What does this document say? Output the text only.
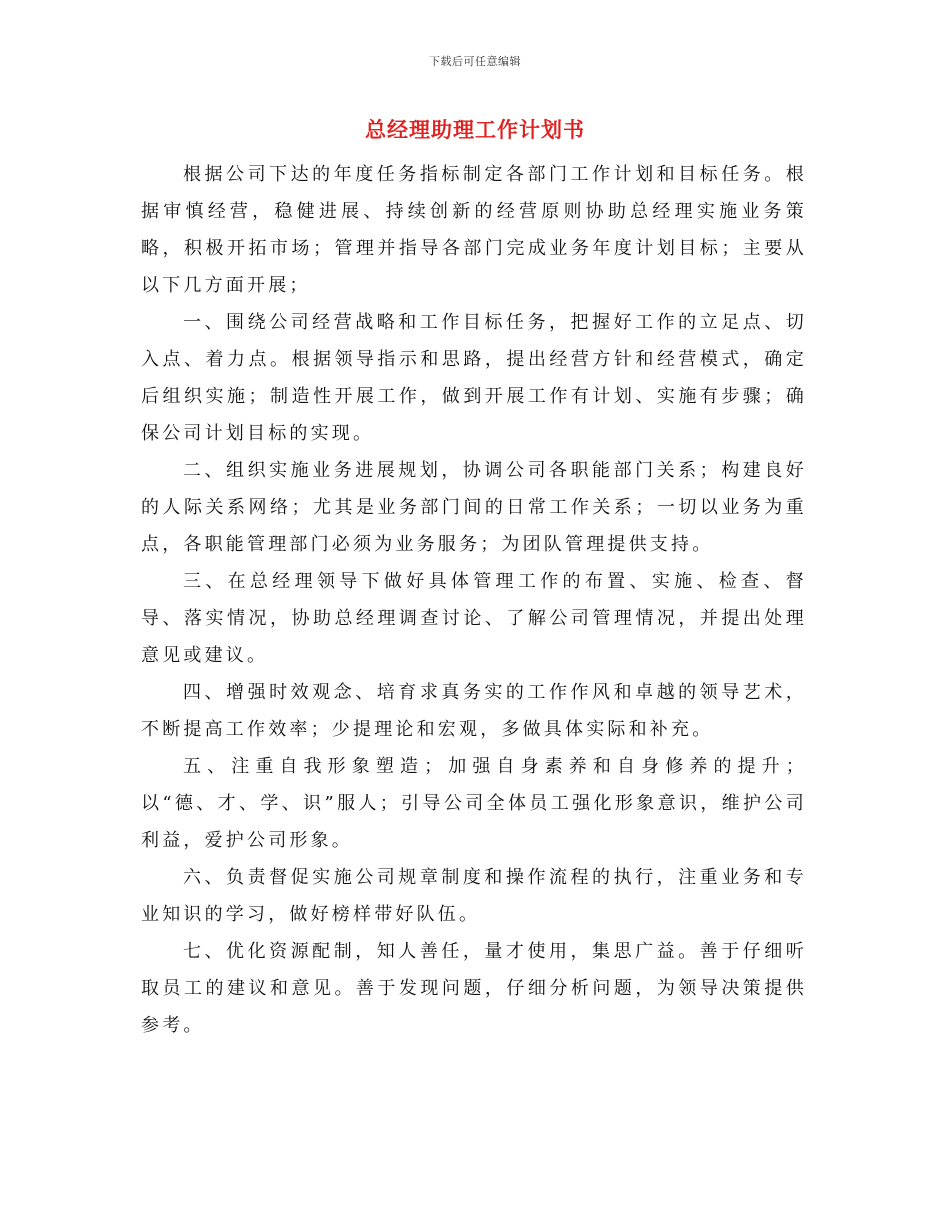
下载后可任意编辑
总经理助理工作计划书

根据公司下达的年度任务指标制定各部门工作计划和目标任务。根据审慎经营，稳健进展、持续创新的经营原则协助总经理实施业务策略，积极开拓市场；管理并指导各部门完成业务年度计划目标；主要从以下几方面开展；

一、围绕公司经营战略和工作目标任务，把握好工作的立足点、切入点、着力点。根据领导指示和思路，提出经营方针和经营模式，确定后组织实施；制造性开展工作，做到开展工作有计划、实施有步骤；确保公司计划目标的实现。

二、组织实施业务进展规划，协调公司各职能部门关系；构建良好的人际关系网络；尤其是业务部门间的日常工作关系；一切以业务为重点，各职能管理部门必须为业务服务；为团队管理提供支持。

三、在总经理领导下做好具体管理工作的布置、实施、检查、督导、落实情况，协助总经理调查讨论、了解公司管理情况，并提出处理意见或建议。

四、增强时效观念、培育求真务实的工作作风和卓越的领导艺术，不断提高工作效率；少提理论和宏观，多做具体实际和补充。

五、注重自我形象塑造；加强自身素养和自身修养的提升；以“德、才、学、识”服人；引导公司全体员工强化形象意识，维护公司利益，爱护公司形象。

六、负责督促实施公司规章制度和操作流程的执行，注重业务和专业知识的学习，做好榜样带好队伍。

七、优化资源配制，知人善任，量才使用，集思广益。善于仔细听取员工的建议和意见。善于发现问题，仔细分析问题，为领导决策提供参考。
